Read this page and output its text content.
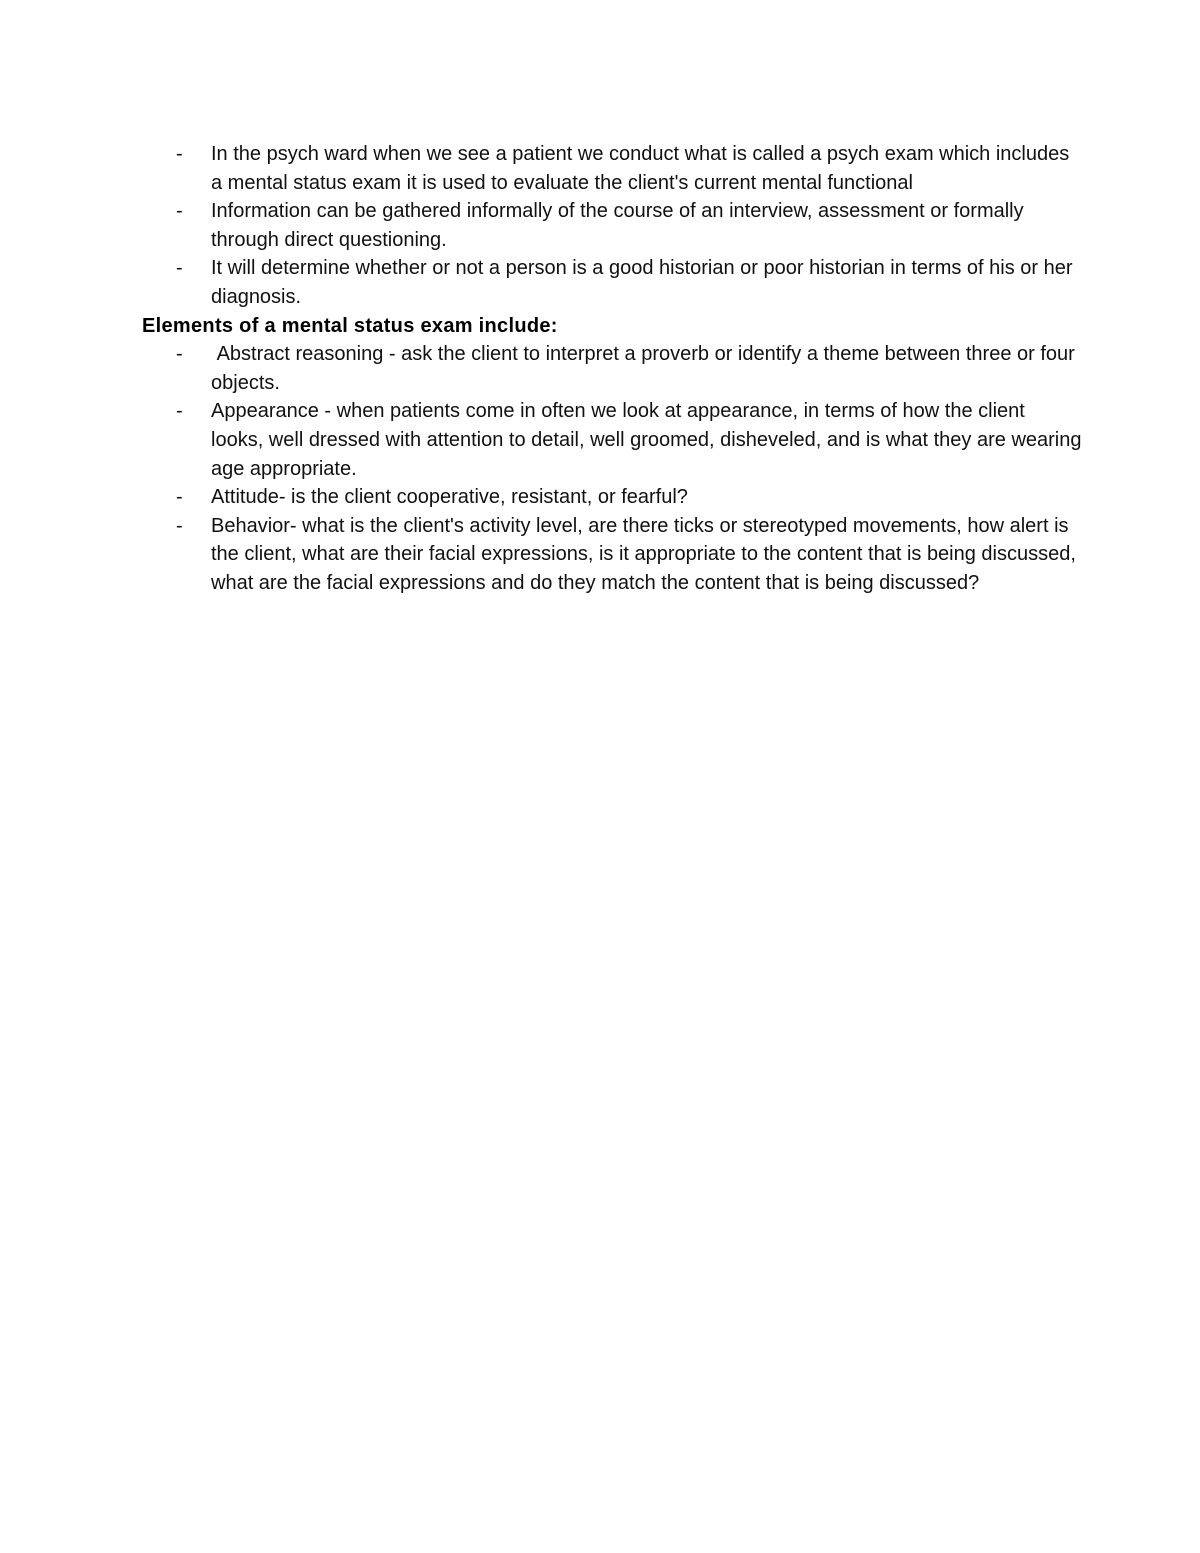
- In the psych ward when we see a patient we conduct what is called a psych exam which includes a mental status exam it is used to evaluate the client's current mental functional
- Information can be gathered informally of the course of an interview, assessment or formally through direct questioning.
- It will determine whether or not a person is a good historian or poor historian in terms of his or her diagnosis.

Elements of a mental status exam include:

- Abstract reasoning - ask the client to interpret a proverb or identify a theme between three or four objects.
- Appearance - when patients come in often we look at appearance, in terms of how the client looks, well dressed with attention to detail, well groomed, disheveled, and is what they are wearing age appropriate.
- Attitude- is the client cooperative, resistant, or fearful?
- Behavior- what is the client's activity level, are there ticks or stereotyped movements, how alert is the client, what are their facial expressions, is it appropriate to the content that is being discussed, what are the facial expressions and do they match the content that is being discussed?
